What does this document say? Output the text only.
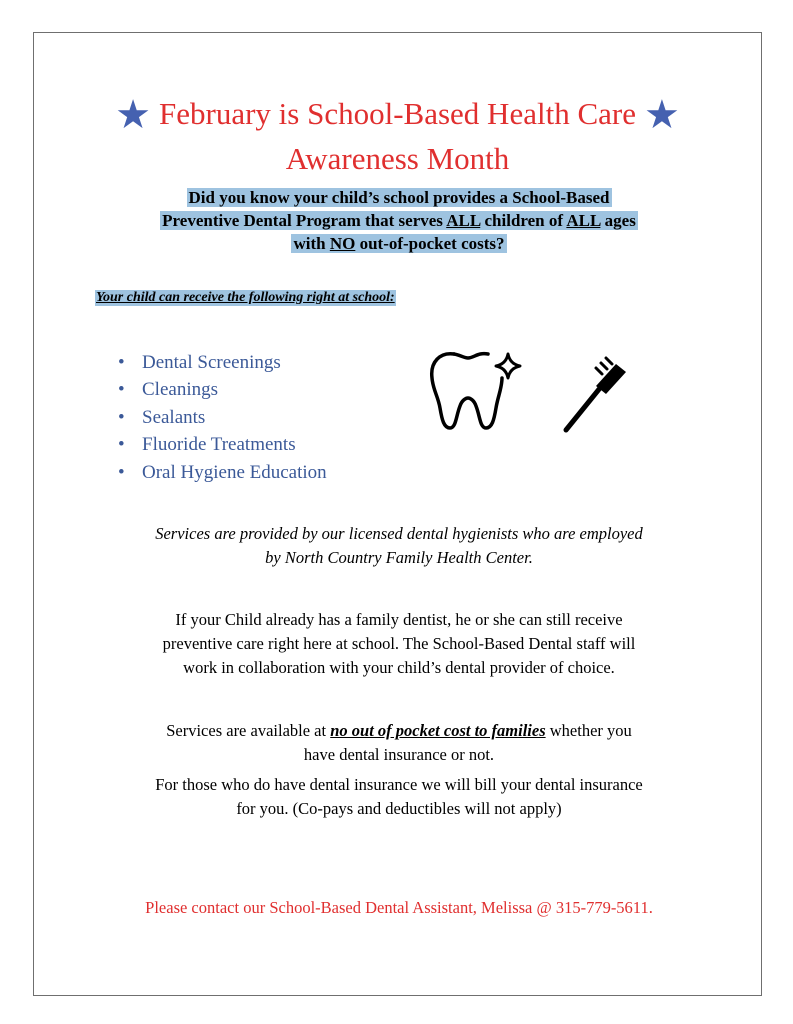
★ February is School-Based Health Care ★
Awareness Month
Did you know your child’s school provides a School-Based
Preventive Dental Program that serves ALL children of ALL ages
with NO out-of-pocket costs?
Your child can receive the following right at school:
• Dental Screenings
• Cleanings
• Sealants
• Fluoride Treatments
• Oral Hygiene Education
Services are provided by our licensed dental hygienists who are employed
by North Country Family Health Center.
If your Child already has a family dentist, he or she can still receive
preventive care right here at school. The School-Based Dental staff will
work in collaboration with your child’s dental provider of choice.
Services are available at no out of pocket cost to families whether you
have dental insurance or not.
For those who do have dental insurance we will bill your dental insurance
for you. (Co-pays and deductibles will not apply)
Please contact our School-Based Dental Assistant, Melissa @ 315-779-5611.
